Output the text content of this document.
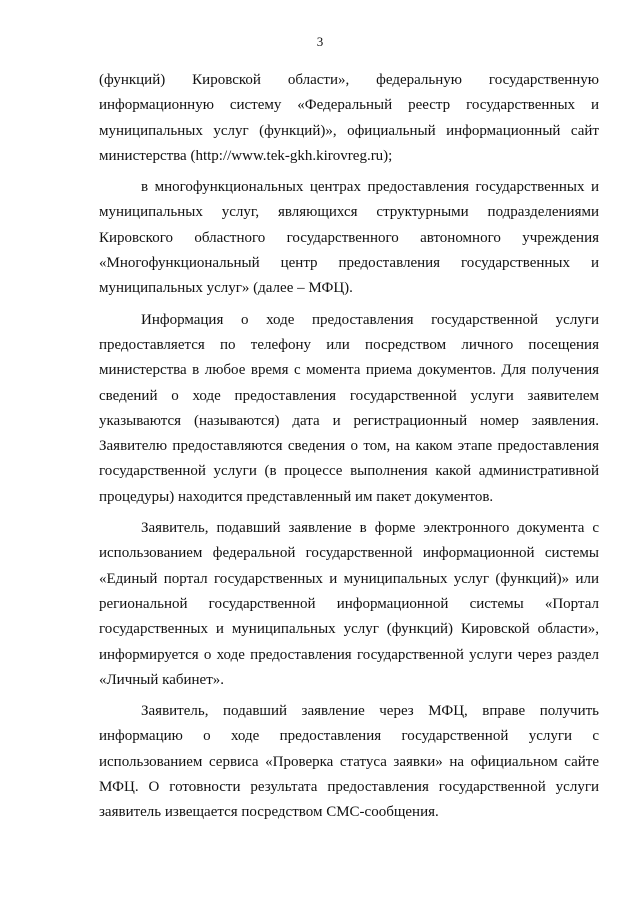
3

(функций) Кировской области», федеральную государственную информационную систему «Федеральный реестр государственных и муниципальных услуг (функций)», официальный информационный сайт министерства (http://www.tek-gkh.kirovreg.ru);

в многофункциональных центрах предоставления государственных и муниципальных услуг, являющихся структурными подразделениями Кировского областного государственного автономного учреждения «Многофункциональный центр предоставления государственных и муниципальных услуг» (далее – МФЦ).

Информация о ходе предоставления государственной услуги предоставляется по телефону или посредством личного посещения министерства в любое время с момента приема документов. Для получения сведений о ходе предоставления государственной услуги заявителем указываются (называются) дата и регистрационный номер заявления. Заявителю предоставляются сведения о том, на каком этапе предоставления государственной услуги (в процессе выполнения какой административной процедуры) находится представленный им пакет документов.

Заявитель, подавший заявление в форме электронного документа с использованием федеральной государственной информационной системы «Единый портал государственных и муниципальных услуг (функций)» или региональной государственной информационной системы «Портал государственных и муниципальных услуг (функций) Кировской области», информируется о ходе предоставления государственной услуги через раздел «Личный кабинет».

Заявитель, подавший заявление через МФЦ, вправе получить информацию о ходе предоставления государственной услуги с использованием сервиса «Проверка статуса заявки» на официальном сайте МФЦ. О готовности результата предоставления государственной услуги заявитель извещается посредством СМС-сообщения.
